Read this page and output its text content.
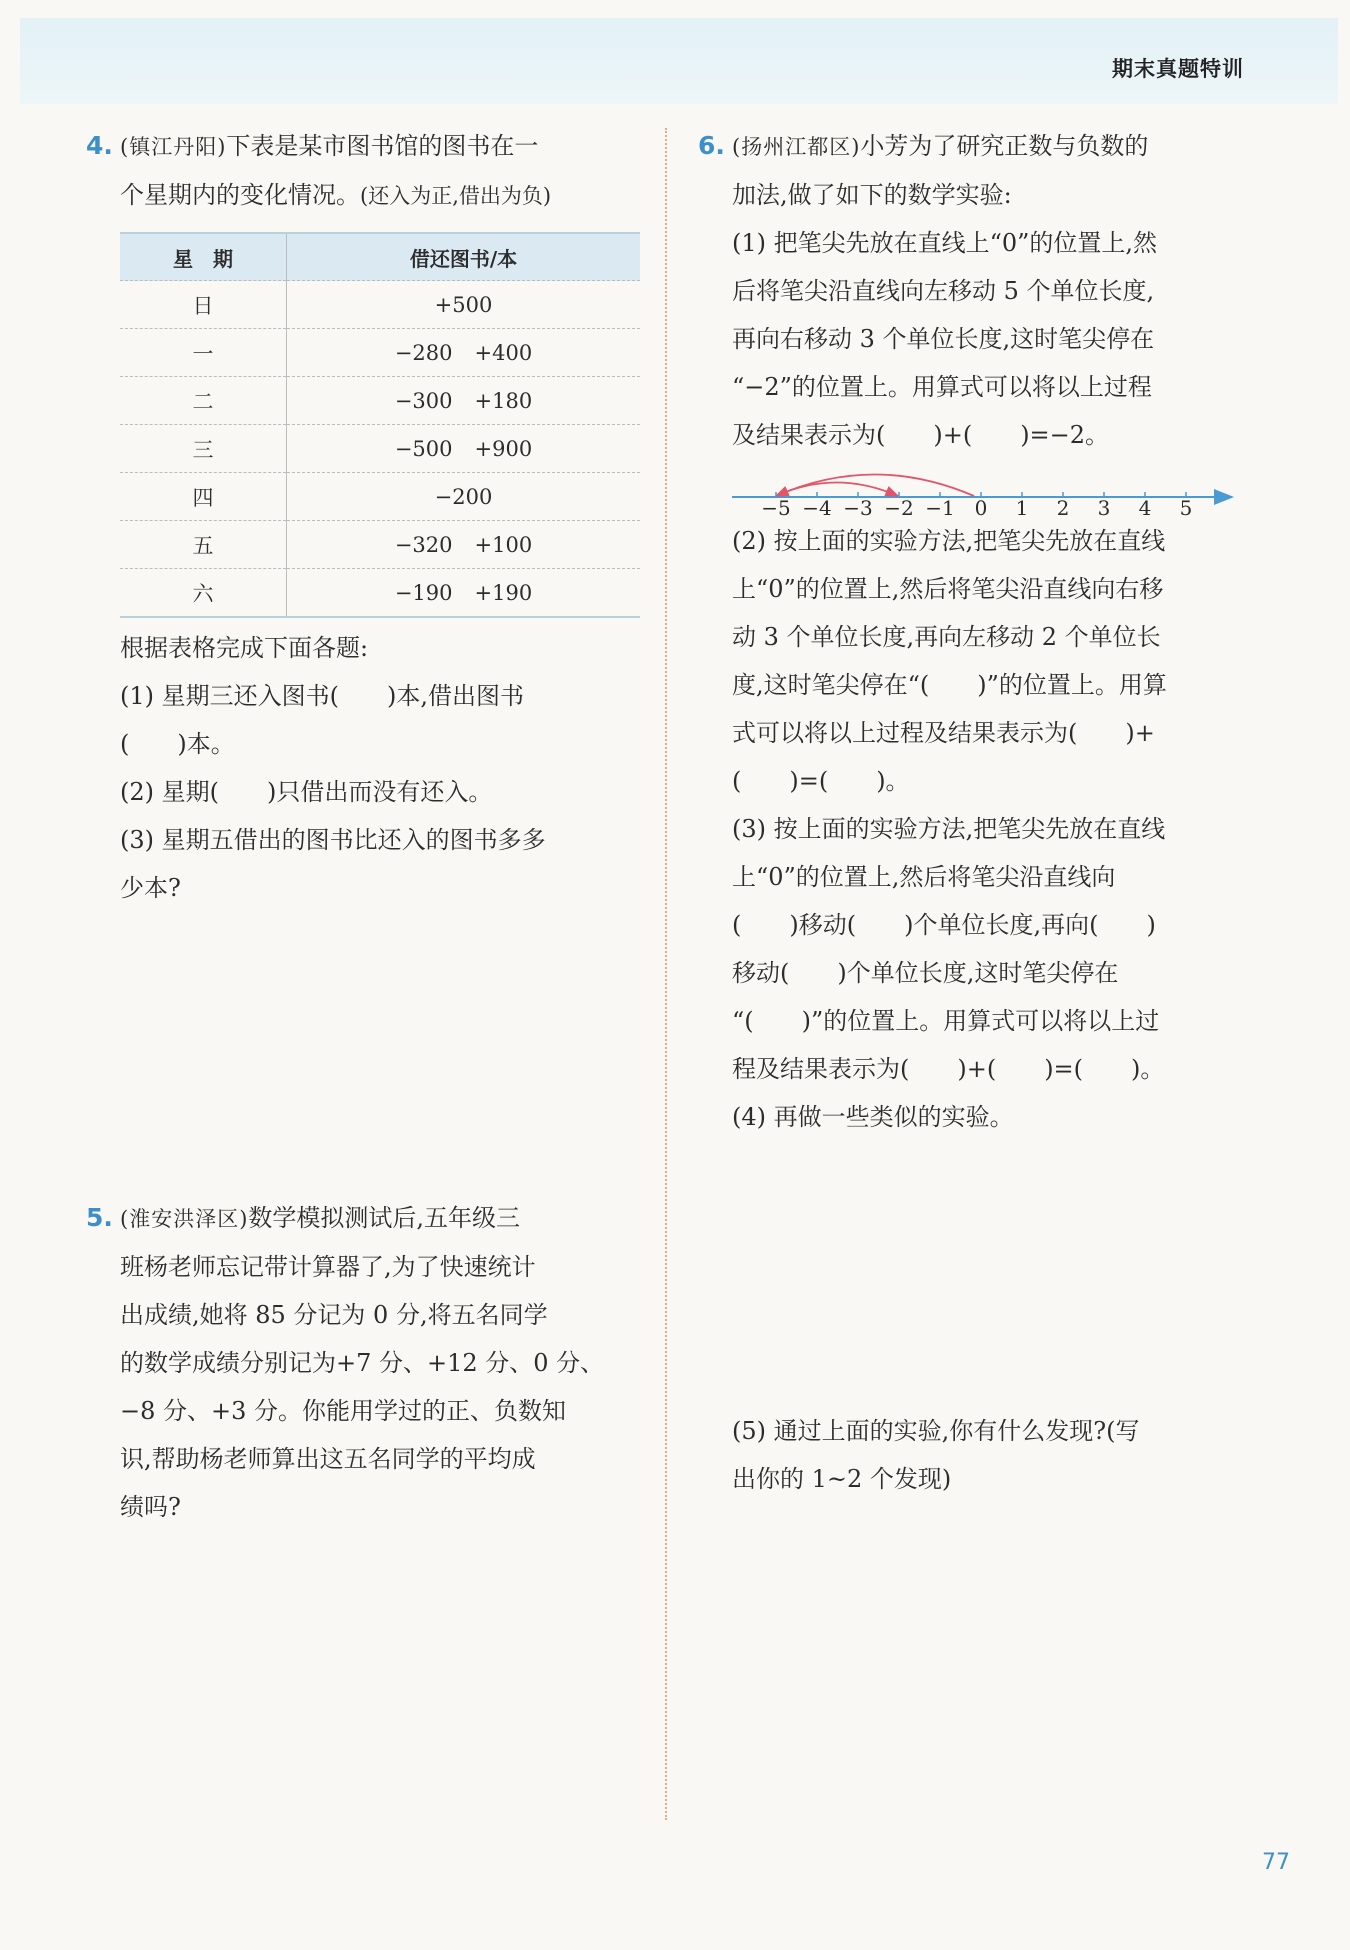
期末真题特训

4. (镇江丹阳)下表是某市图书馆的图书在一

个星期内的变化情况。(还入为正,借出为负)

星　期	借还图书/本
日	+500
一	−280 +400
二	−300 +180
三	−500 +900
四	−200
五	−320 +100
六	−190 +190
根据表格完成下面各题:
(1) 星期三还入图书(　　)本,借出图书
(　　)本。
(2) 星期(　　)只借出而没有还入。
(3) 星期五借出的图书比还入的图书多多
少本?

5. (淮安洪泽区)数学模拟测试后,五年级三

班杨老师忘记带计算器了,为了快速统计
出成绩,她将 85 分记为 0 分,将五名同学
的数学成绩分别记为+7 分、+12 分、0 分、
−8 分、+3 分。你能用学过的正、负数知
识,帮助杨老师算出这五名同学的平均成
绩吗?

6. (扬州江都区)小芳为了研究正数与负数的

加法,做了如下的数学实验:
(1) 把笔尖先放在直线上“0”的位置上,然
后将笔尖沿直线向左移动 5 个单位长度,
再向右移动 3 个单位长度,这时笔尖停在
“−2”的位置上。用算式可以将以上过程
及结果表示为(　　)+(　　)=−2。
−5 −4 −3 −2 −1 0 1 2 3 4 5
(2) 按上面的实验方法,把笔尖先放在直线
上“0”的位置上,然后将笔尖沿直线向右移
动 3 个单位长度,再向左移动 2 个单位长
度,这时笔尖停在“(　　)”的位置上。用算
式可以将以上过程及结果表示为(　　)+
(　　)=(　　)。
(3) 按上面的实验方法,把笔尖先放在直线
上“0”的位置上,然后将笔尖沿直线向
(　　)移动(　　)个单位长度,再向(　　)
移动(　　)个单位长度,这时笔尖停在
“(　　)”的位置上。用算式可以将以上过
程及结果表示为(　　)+(　　)=(　　)。
(4) 再做一些类似的实验。
(5) 通过上面的实验,你有什么发现?(写
出你的 1~2 个发现)
77
